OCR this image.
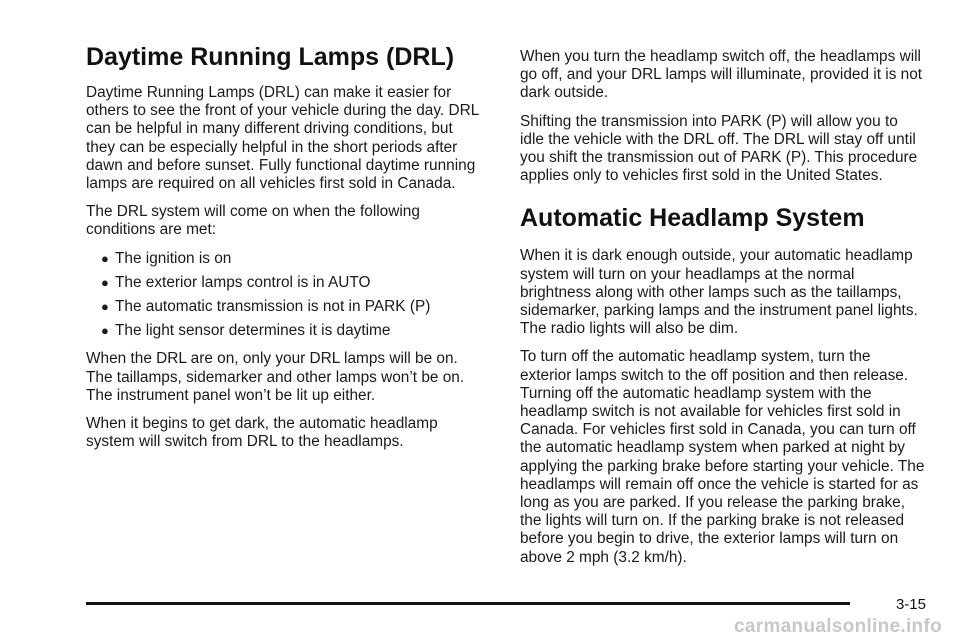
Daytime Running Lamps (DRL)

Daytime Running Lamps (DRL) can make it easier for others to see the front of your vehicle during the day. DRL can be helpful in many different driving conditions, but they can be especially helpful in the short periods after dawn and before sunset. Fully functional daytime running lamps are required on all vehicles first sold in Canada.

The DRL system will come on when the following conditions are met:

● The ignition is on
● The exterior lamps control is in AUTO
● The automatic transmission is not in PARK (P)
● The light sensor determines it is daytime

When the DRL are on, only your DRL lamps will be on. The taillamps, sidemarker and other lamps won’t be on. The instrument panel won’t be lit up either.

When it begins to get dark, the automatic headlamp system will switch from DRL to the headlamps.

When you turn the headlamp switch off, the headlamps will go off, and your DRL lamps will illuminate, provided it is not dark outside.

Shifting the transmission into PARK (P) will allow you to idle the vehicle with the DRL off. The DRL will stay off until you shift the transmission out of PARK (P). This procedure applies only to vehicles first sold in the United States.

Automatic Headlamp System

When it is dark enough outside, your automatic headlamp system will turn on your headlamps at the normal brightness along with other lamps such as the taillamps, sidemarker, parking lamps and the instrument panel lights. The radio lights will also be dim.

To turn off the automatic headlamp system, turn the exterior lamps switch to the off position and then release. Turning off the automatic headlamp system with the headlamp switch is not available for vehicles first sold in Canada. For vehicles first sold in Canada, you can turn off the automatic headlamp system when parked at night by applying the parking brake before starting your vehicle. The headlamps will remain off once the vehicle is started for as long as you are parked. If you release the parking brake, the lights will turn on. If the parking brake is not released before you begin to drive, the exterior lamps will turn on above 2 mph (3.2 km/h).

3-15
carmanualsonline.info
